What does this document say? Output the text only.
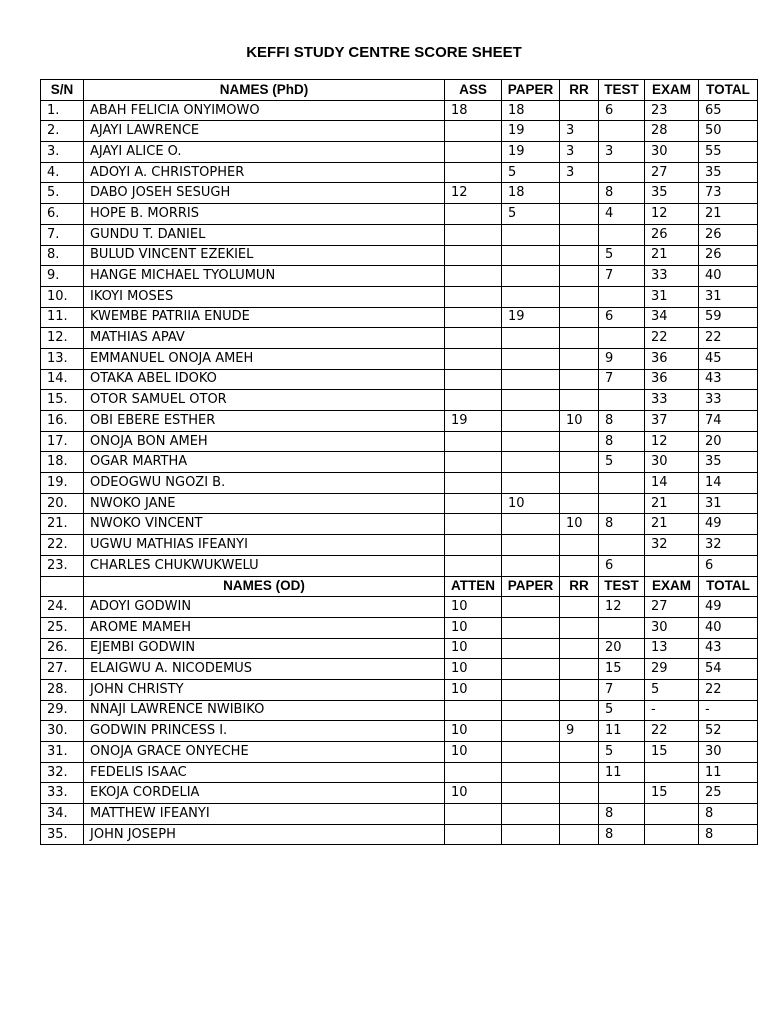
KEFFI STUDY CENTRE SCORE SHEET
S/N	NAMES (PhD)	ASS	PAPER	RR	TEST	EXAM	TOTAL
1.	ABAH FELICIA ONYIMOWO	18	18		6	23	65
2.	AJAYI LAWRENCE		19	3		28	50
3.	AJAYI ALICE O.		19	3	3	30	55
4.	ADOYI A. CHRISTOPHER		5	3		27	35
5.	DABO JOSEH SESUGH	12	18		8	35	73
6.	HOPE B. MORRIS		5		4	12	21
7.	GUNDU T. DANIEL					26	26
8.	BULUD VINCENT EZEKIEL				5	21	26
9.	HANGE MICHAEL TYOLUMUN				7	33	40
10.	IKOYI MOSES					31	31
11.	KWEMBE PATRIIA ENUDE		19		6	34	59
12.	MATHIAS APAV					22	22
13.	EMMANUEL ONOJA AMEH				9	36	45
14.	OTAKA ABEL IDOKO				7	36	43
15.	OTOR SAMUEL OTOR					33	33
16.	OBI EBERE ESTHER	19		10	8	37	74
17.	ONOJA BON AMEH				8	12	20
18.	OGAR MARTHA				5	30	35
19.	ODEOGWU NGOZI B.					14	14
20.	NWOKO JANE		10			21	31
21.	NWOKO VINCENT			10	8	21	49
22.	UGWU MATHIAS IFEANYI					32	32
23.	CHARLES CHUKWUKWELU				6		6
	NAMES (OD)	ATTEN	PAPER	RR	TEST	EXAM	TOTAL
24.	ADOYI GODWIN	10			12	27	49
25.	AROME MAMEH	10				30	40
26.	EJEMBI GODWIN	10			20	13	43
27.	ELAIGWU A. NICODEMUS	10			15	29	54
28.	JOHN CHRISTY	10			7	5	22
29.	NNAJI LAWRENCE NWIBIKO				5	-	-
30.	GODWIN PRINCESS I.	10		9	11	22	52
31.	ONOJA GRACE ONYECHE	10			5	15	30
32.	FEDELIS ISAAC				11		11
33.	EKOJA CORDELIA	10				15	25
34.	MATTHEW IFEANYI				8		8
35.	JOHN JOSEPH				8		8
